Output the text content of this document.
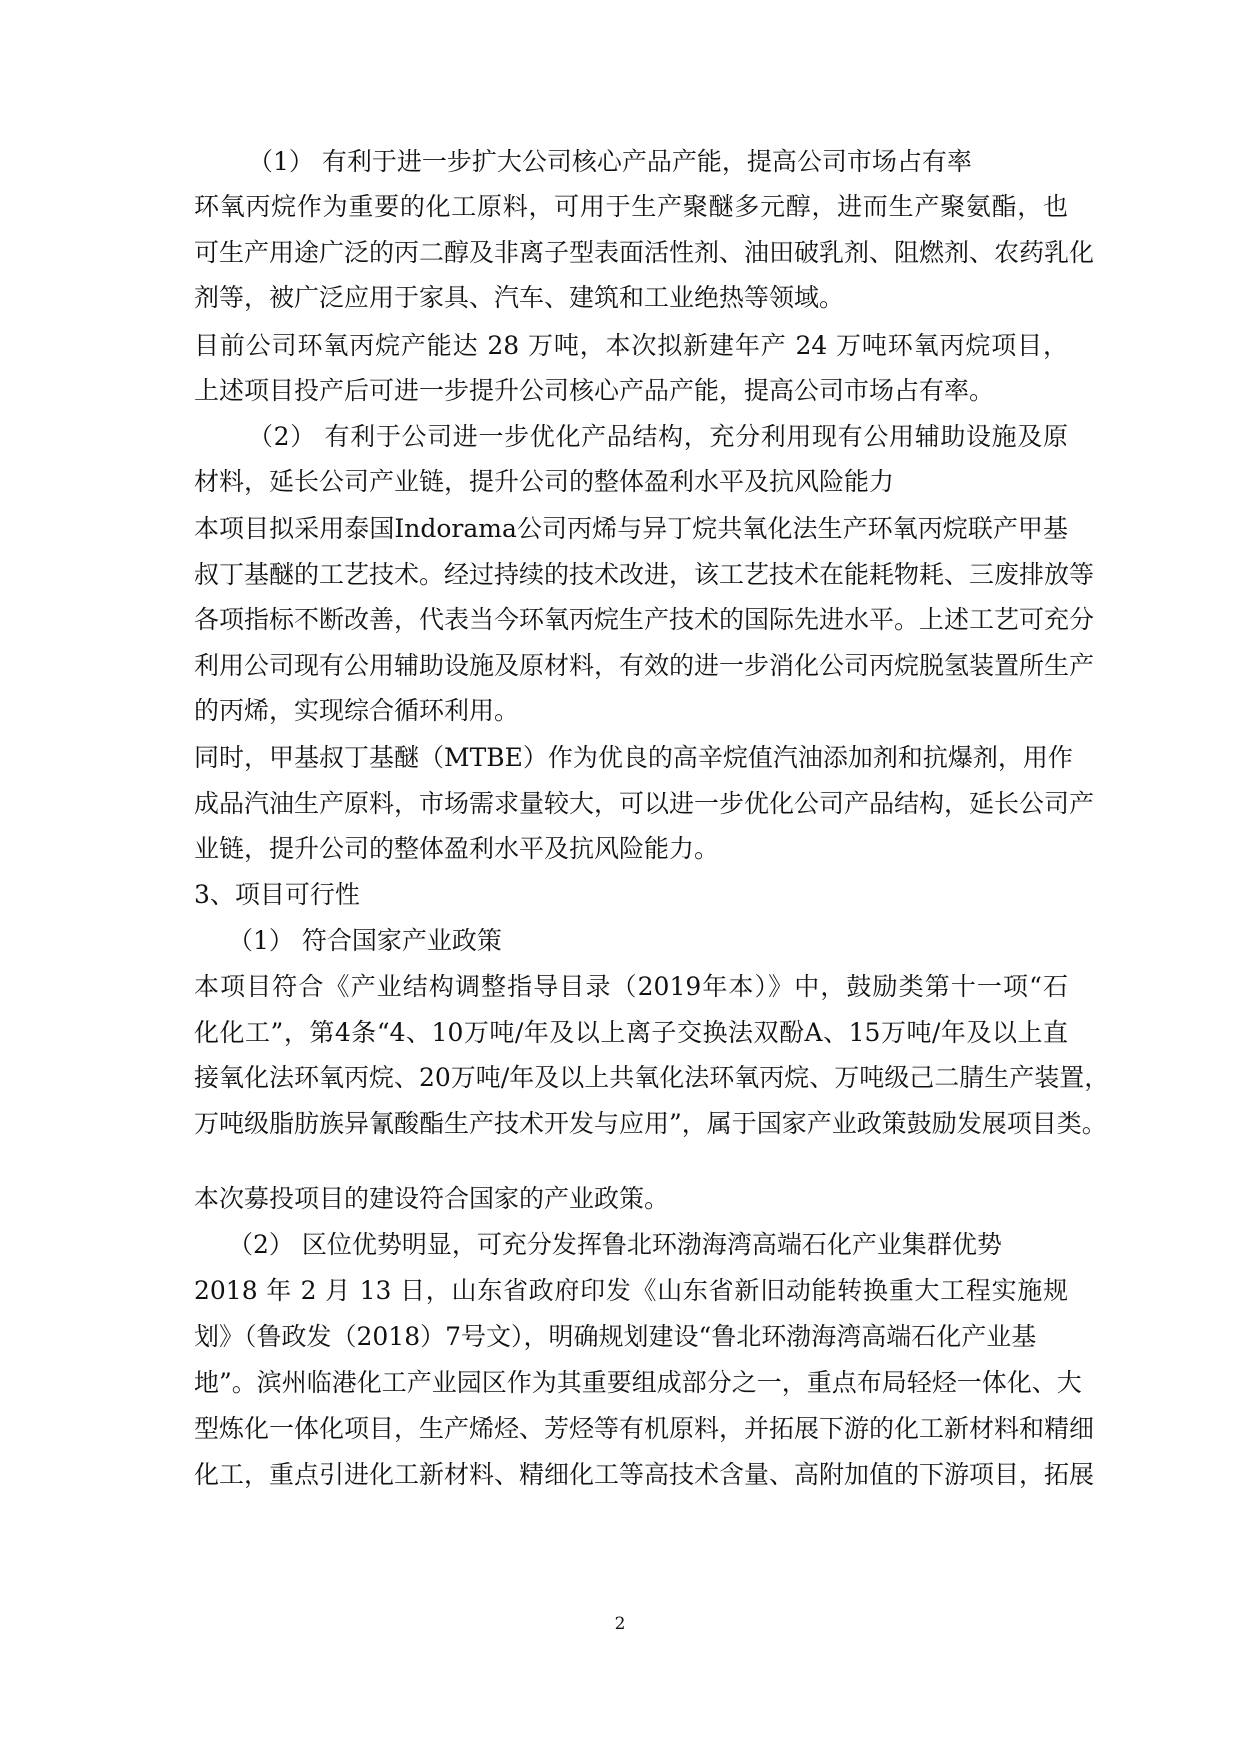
（1） 有利于进一步扩大公司核心产品产能，提高公司市场占有率
环氧丙烷作为重要的化工原料，可用于生产聚醚多元醇，进而生产聚氨酯，也
可生产用途广泛的丙二醇及非离子型表面活性剂、油田破乳剂、阻燃剂、农药乳化
剂等，被广泛应用于家具、汽车、建筑和工业绝热等领域。
目前公司环氧丙烷产能达 28 万吨，本次拟新建年产 24 万吨环氧丙烷项目，
上述项目投产后可进一步提升公司核心产品产能，提高公司市场占有率。
（2） 有利于公司进一步优化产品结构，充分利用现有公用辅助设施及原
材料，延长公司产业链，提升公司的整体盈利水平及抗风险能力
本项目拟采用泰国Indorama公司丙烯与异丁烷共氧化法生产环氧丙烷联产甲基
叔丁基醚的工艺技术。经过持续的技术改进，该工艺技术在能耗物耗、三废排放等
各项指标不断改善，代表当今环氧丙烷生产技术的国际先进水平。上述工艺可充分
利用公司现有公用辅助设施及原材料，有效的进一步消化公司丙烷脱氢装置所生产
的丙烯，实现综合循环利用。
同时，甲基叔丁基醚（MTBE）作为优良的高辛烷值汽油添加剂和抗爆剂，用作
成品汽油生产原料，市场需求量较大，可以进一步优化公司产品结构，延长公司产
业链，提升公司的整体盈利水平及抗风险能力。
3、项目可行性
（1） 符合国家产业政策
本项目符合《产业结构调整指导目录（2019年本）》中，鼓励类第十一项“石
化化工”，第4条“4、10万吨/年及以上离子交换法双酚A、15万吨/年及以上直
接氧化法环氧丙烷、20万吨/年及以上共氧化法环氧丙烷、万吨级己二腈生产装置，
万吨级脂肪族异氰酸酯生产技术开发与应用”，属于国家产业政策鼓励发展项目类。
本次募投项目的建设符合国家的产业政策。
（2） 区位优势明显，可充分发挥鲁北环渤海湾高端石化产业集群优势
2018 年 2 月 13 日，山东省政府印发《山东省新旧动能转换重大工程实施规
划》（鲁政发（2018）7号文），明确规划建设“鲁北环渤海湾高端石化产业基
地”。滨州临港化工产业园区作为其重要组成部分之一，重点布局轻烃一体化、大
型炼化一体化项目，生产烯烃、芳烃等有机原料，并拓展下游的化工新材料和精细
化工，重点引进化工新材料、精细化工等高技术含量、高附加值的下游项目，拓展
2
